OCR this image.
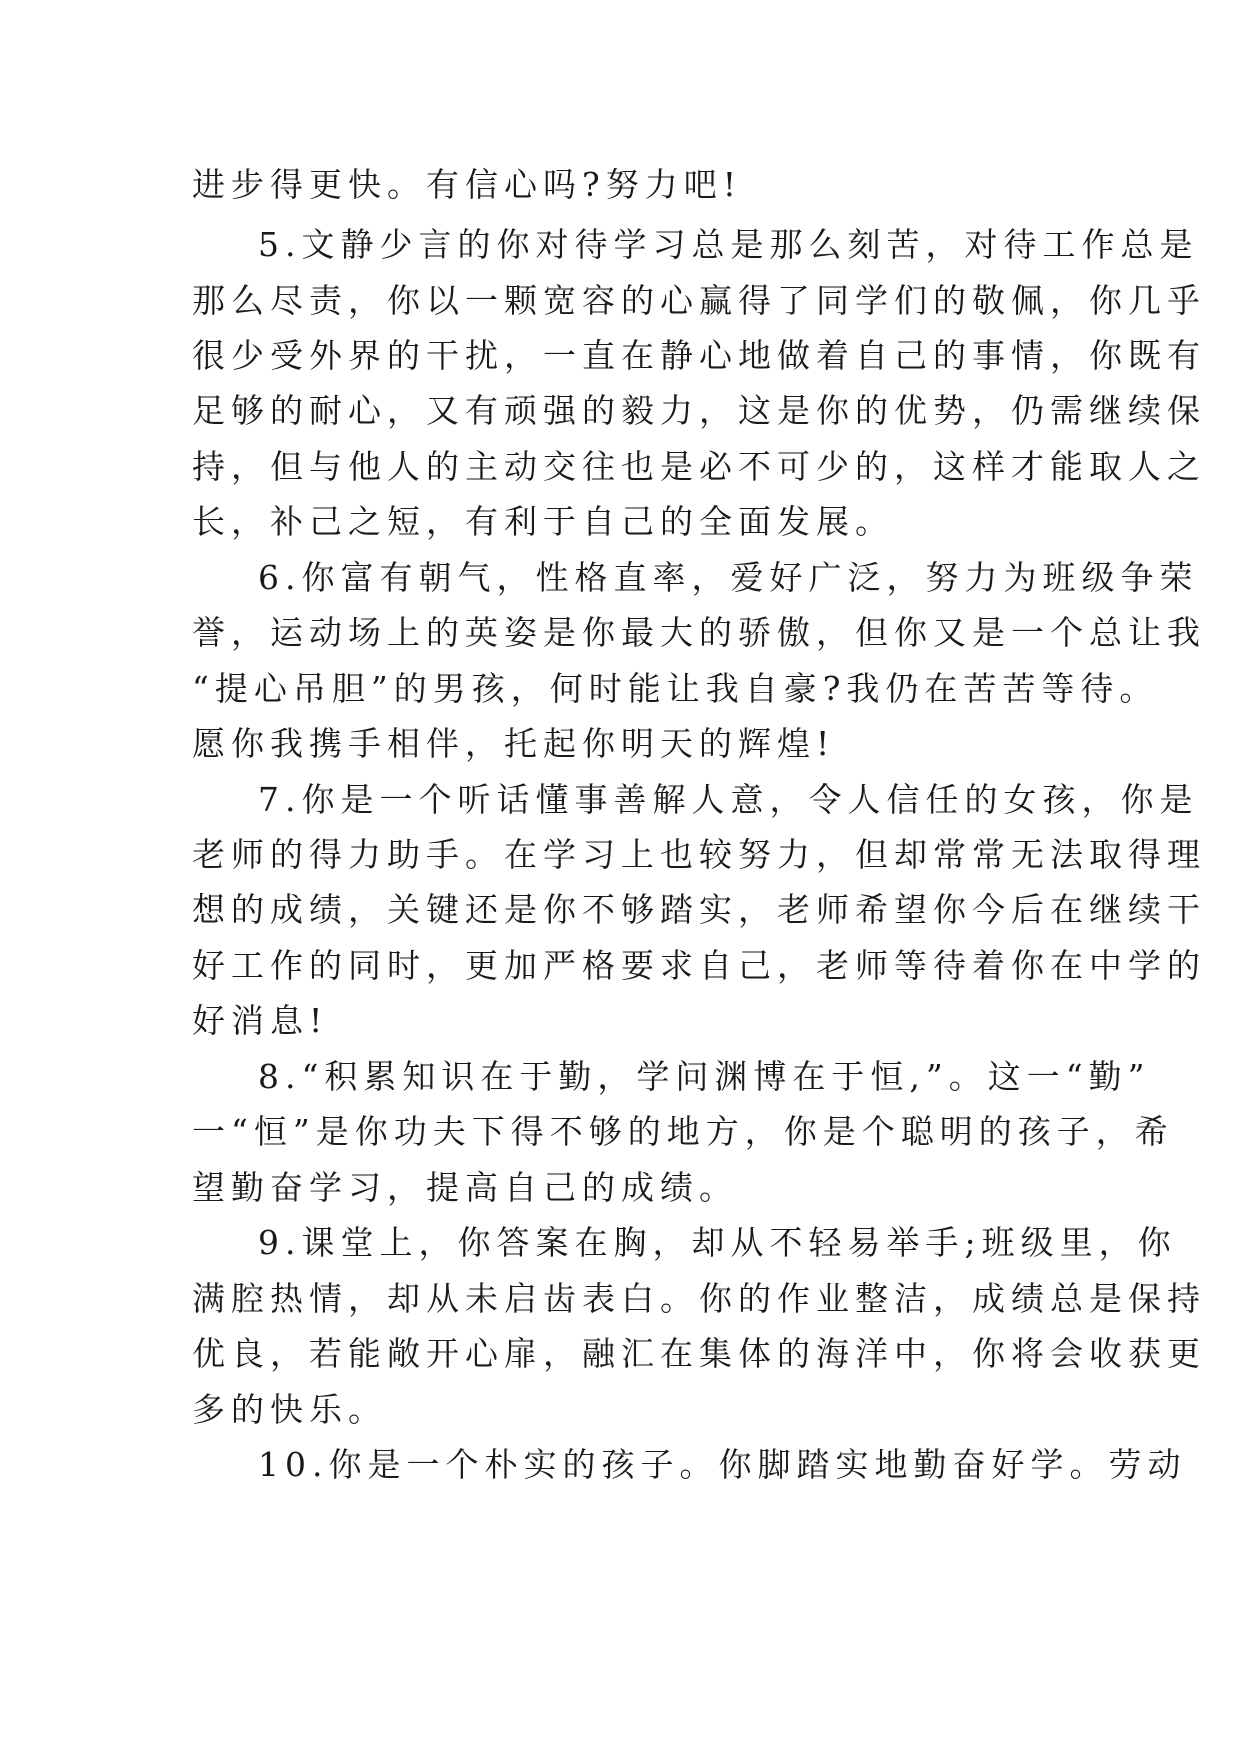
进步得更快。有信心吗?努力吧!
5.文静少言的你对待学习总是那么刻苦，对待工作总是
那么尽责，你以一颗宽容的心赢得了同学们的敬佩，你几乎
很少受外界的干扰，一直在静心地做着自己的事情，你既有
足够的耐心，又有顽强的毅力，这是你的优势，仍需继续保
持，但与他人的主动交往也是必不可少的，这样才能取人之
长，补己之短，有利于自己的全面发展。
6.你富有朝气，性格直率，爱好广泛，努力为班级争荣
誉，运动场上的英姿是你最大的骄傲，但你又是一个总让我
“提心吊胆”的男孩，何时能让我自豪?我仍在苦苦等待。
愿你我携手相伴，托起你明天的辉煌!
7.你是一个听话懂事善解人意，令人信任的女孩，你是
老师的得力助手。在学习上也较努力，但却常常无法取得理
想的成绩，关键还是你不够踏实，老师希望你今后在继续干
好工作的同时，更加严格要求自己，老师等待着你在中学的
好消息!
8.“积累知识在于勤，学问渊博在于恒,”。这一“勤”
一“恒”是你功夫下得不够的地方，你是个聪明的孩子，希
望勤奋学习，提高自己的成绩。
9.课堂上，你答案在胸，却从不轻易举手;班级里，你
满腔热情，却从未启齿表白。你的作业整洁，成绩总是保持
优良，若能敞开心扉，融汇在集体的海洋中，你将会收获更
多的快乐。
10.你是一个朴实的孩子。你脚踏实地勤奋好学。劳动
